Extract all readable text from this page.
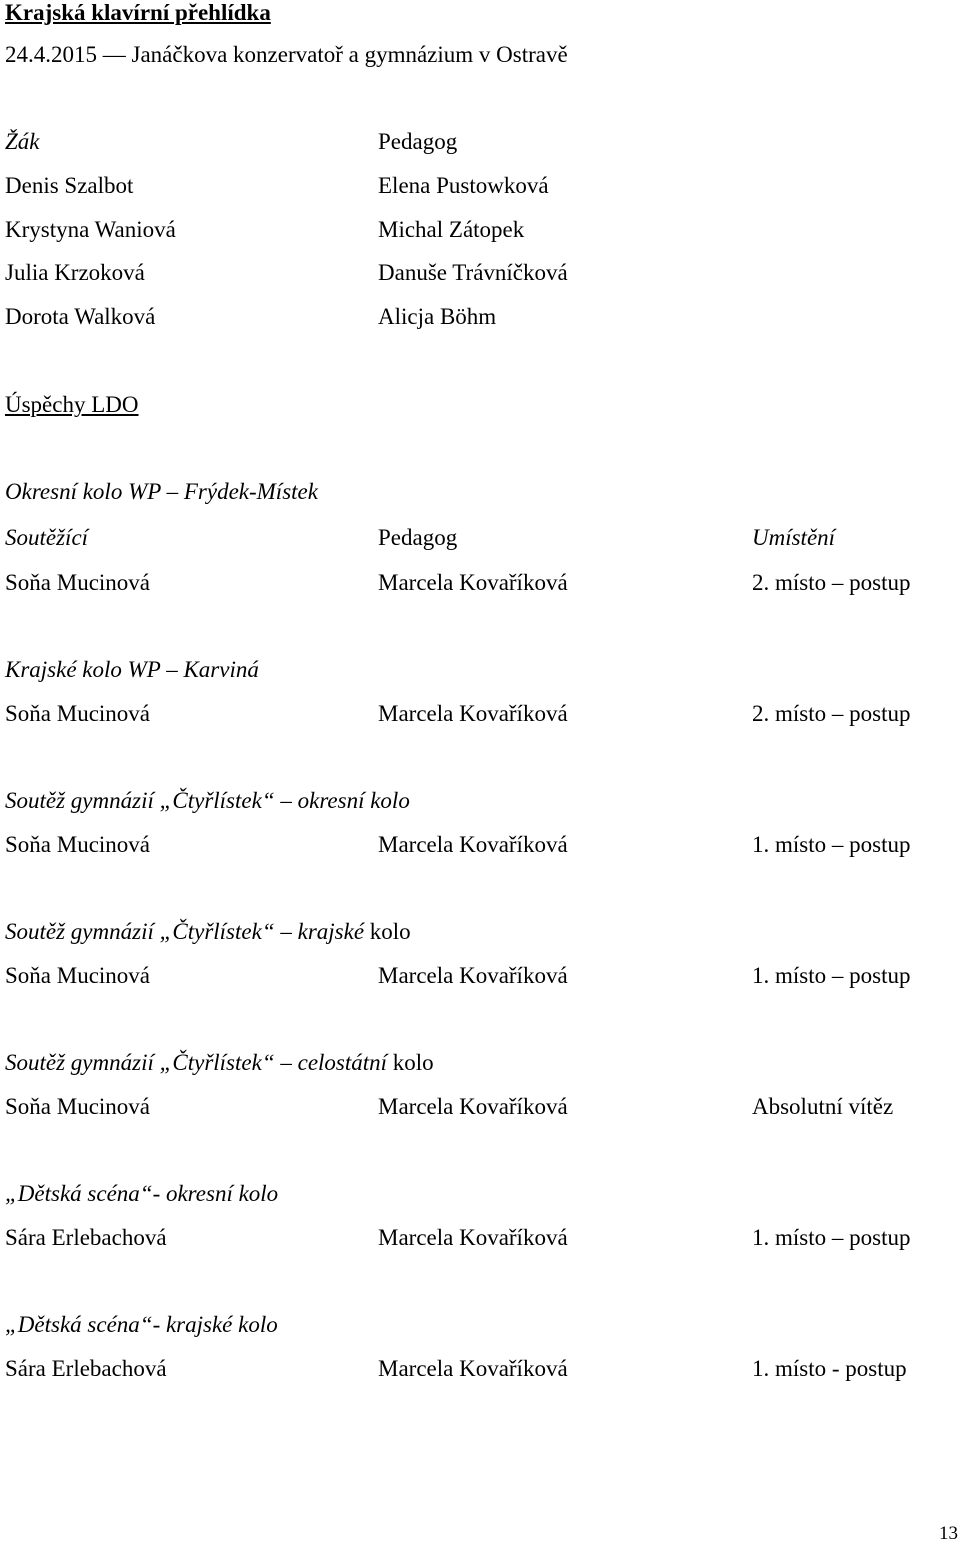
Krajská klavírní přehlídka
24.4.2015 ― Janáčkova konzervatoř a gymnázium v Ostravě
Žák	Pedagog
Denis Szalbot	Elena Pustowková
Krystyna Waniová	Michal Zátopek
Julia Krzoková	Danuše Trávníčková
Dorota Walková	Alicja Böhm
Úspěchy LDO
Okresní kolo WP – Frýdek-Místek
Soutěžící	Pedagog	Umístění
Soňa Mucinová	Marcela Kovaříková	2. místo – postup
Krajské kolo WP – Karviná
Soňa Mucinová	Marcela Kovaříková	2. místo – postup
Soutěž gymnázií „Čtyřlístek“ – okresní kolo
Soňa Mucinová	Marcela Kovaříková	1. místo – postup
Soutěž gymnázií „Čtyřlístek“ – krajské kolo
Soňa Mucinová	Marcela Kovaříková	1. místo – postup
Soutěž gymnázií „Čtyřlístek“ – celostátní kolo
Soňa Mucinová	Marcela Kovaříková	Absolutní vítěz
„Dětská scéna“- okresní kolo
Sára Erlebachová	Marcela Kovaříková	1. místo – postup
„Dětská scéna“- krajské kolo
Sára Erlebachová	Marcela Kovaříková	1. místo - postup
13
